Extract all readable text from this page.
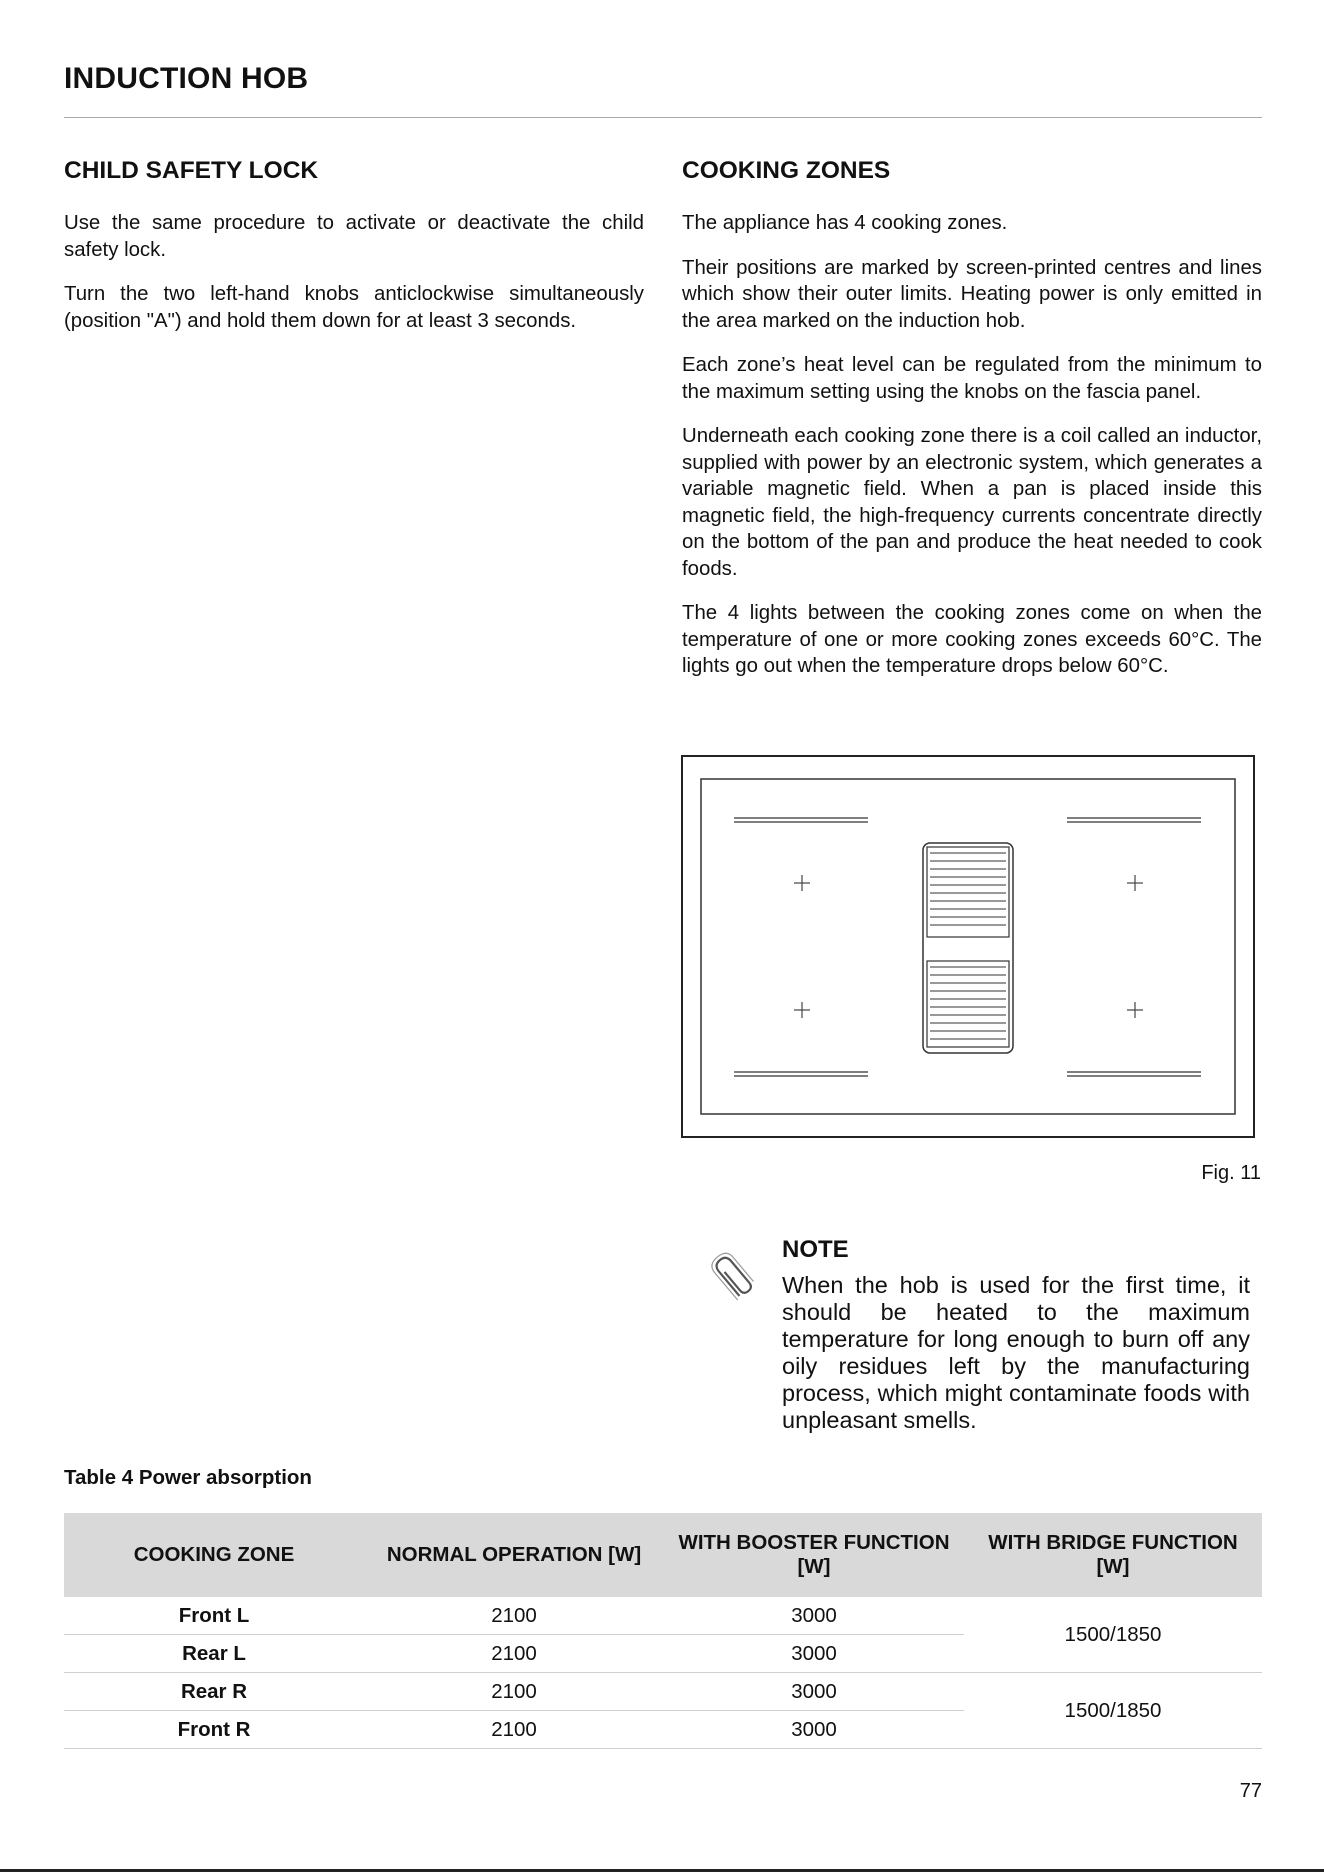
INDUCTION HOB
CHILD SAFETY LOCK

Use the same procedure to activate or deactivate the child safety lock.

Turn the two left-hand knobs anticlockwise simultaneously (position "A") and hold them down for at least 3 seconds.

COOKING ZONES

The appliance has 4 cooking zones.

Their positions are marked by screen-printed centres and lines which show their outer limits. Heating power is only emitted in the area marked on the induction hob.

Each zone’s heat level can be regulated from the minimum to the maximum setting using the knobs on the fascia panel.

Underneath each cooking zone there is a coil called an inductor, supplied with power by an electronic system, which generates a variable magnetic field. When a pan is placed inside this magnetic field, the high-frequency currents concentrate directly on the bottom of the pan and produce the heat needed to cook foods.

The 4 lights between the cooking zones come on when the temperature of one or more cooking zones exceeds 60°C. The lights go out when the temperature drops below 60°C.

Fig. 11
NOTE
When the hob is used for the first time, it should be heated to the maximum temperature for long enough to burn off any oily residues left by the manufacturing process, which might contaminate foods with unpleasant smells.
Table 4 Power absorption
COOKING ZONE	NORMAL OPERATION [W]	WITH BOOSTER FUNCTION [W]	WITH BRIDGE FUNCTION [W]
Front L	2100	3000	1500/1850
Rear L	2100	3000	
Rear R	2100	3000	1500/1850
Front R	2100	3000	
77
